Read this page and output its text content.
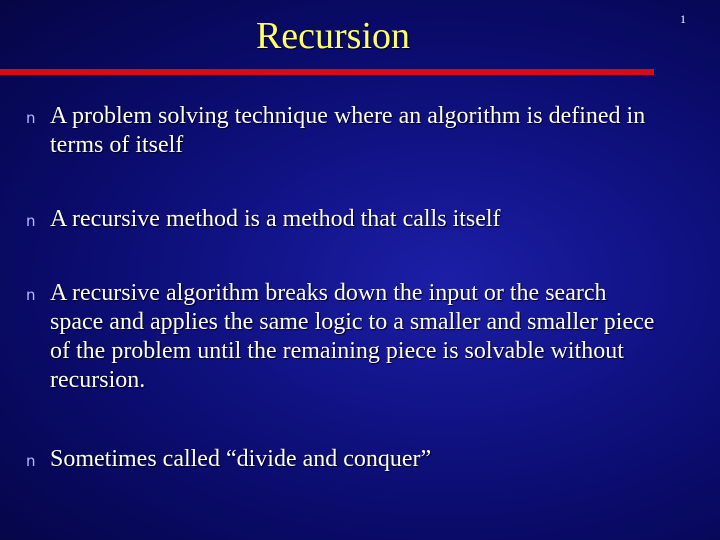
Recursion	1
n A problem solving technique where an algorithm is defined in terms of itself
n A recursive method is a method that calls itself
n A recursive algorithm breaks down the input or the search space and applies the same logic to a smaller and smaller piece of the problem until the remaining piece is solvable without recursion.
n Sometimes called “divide and conquer”
